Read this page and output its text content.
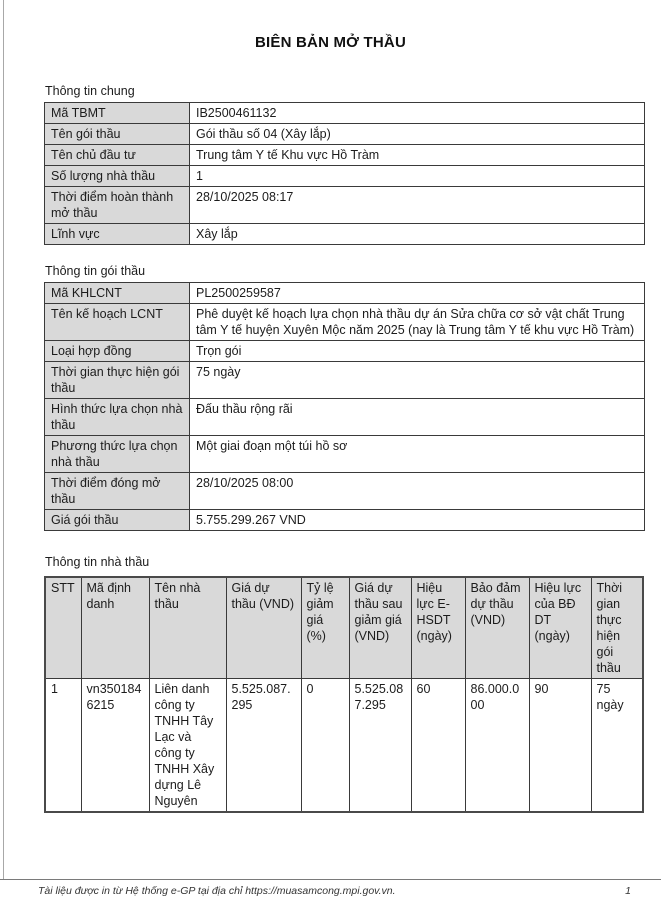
BIÊN BẢN MỞ THẦU
Thông tin chung
Mã TBMT	IB2500461132
Tên gói thầu	Gói thầu số 04 (Xây lắp)
Tên chủ đầu tư	Trung tâm Y tế Khu vực Hồ Tràm
Số lượng nhà thầu	1
Thời điểm hoàn thành mở thầu	28/10/2025 08:17
Lĩnh vực	Xây lắp
Thông tin gói thầu
Mã KHLCNT	PL2500259587
Tên kế hoạch LCNT	Phê duyệt kế hoạch lựa chọn nhà thầu dự án Sửa chữa cơ sở vật chất Trung tâm Y tế huyện Xuyên Mộc năm 2025 (nay là Trung tâm Y tế khu vực Hồ Tràm)
Loại hợp đồng	Trọn gói
Thời gian thực hiện gói thầu	75 ngày
Hình thức lựa chọn nhà thầu	Đấu thầu rộng rãi
Phương thức lựa chọn nhà thầu	Một giai đoạn một túi hồ sơ
Thời điểm đóng mở thầu	28/10/2025 08:00
Giá gói thầu	5.755.299.267 VND
Thông tin nhà thầu
STT	Mã định danh	Tên nhà thầu	Giá dự thầu (VND)	Tỷ lệ giảm giá (%)	Giá dự thầu sau giảm giá (VND)	Hiệu lực E-HSDT (ngày)	Bảo đảm dự thầu (VND)	Hiệu lực của BĐ DT (ngày)	Thời gian thực hiện gói thầu
1	vn3501846215	Liên danh công ty TNHH Tây Lạc và công ty TNHH Xây dựng Lê Nguyên	5.525.087.295	0	5.525.087.295	60	86.000.000	90	75 ngày
Tài liệu được in từ Hệ thống e-GP tại địa chỉ https://muasamcong.mpi.gov.vn.	1
